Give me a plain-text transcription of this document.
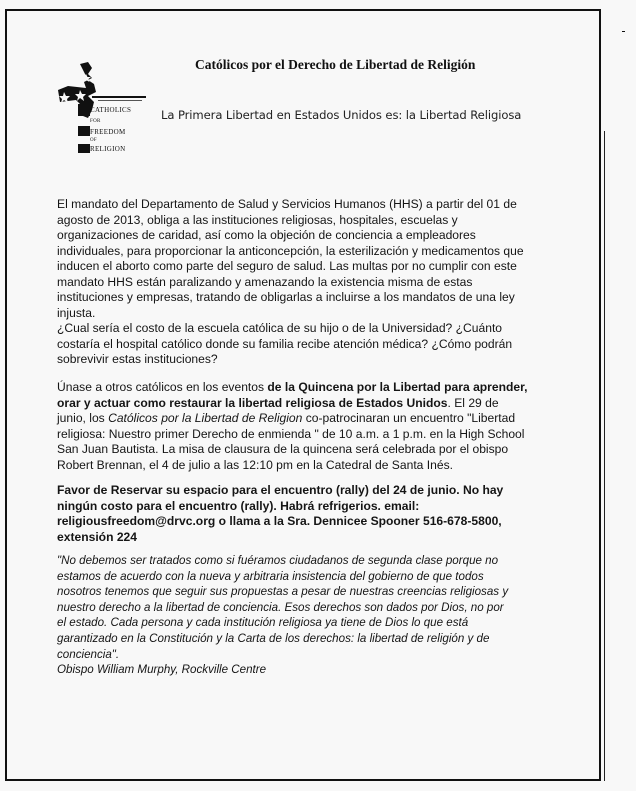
CATHOLICS
FOR
FREEDOM
OF
RELIGION
Católicos por el Derecho de Libertad de Religión
La Primera Libertad en Estados Unidos es: la Libertad Religiosa
El mandato del Departamento de Salud y Servicios Humanos (HHS) a partir del 01 de
agosto de 2013, obliga a las instituciones religiosas, hospitales, escuelas y
organizaciones de caridad, así como la objeción de conciencia a empleadores
individuales, para proporcionar la anticoncepción, la esterilización y medicamentos que
inducen el aborto como parte del seguro de salud. Las multas por no cumplir con este
mandato HHS están paralizando y amenazando la existencia misma de estas
instituciones y empresas, tratando de obligarlas a incluirse a los mandatos de una ley
injusta.
¿Cual sería el costo de la escuela católica de su hijo o de la Universidad? ¿Cuánto
costaría el hospital católico donde su familia recibe atención médica? ¿Cómo podrán
sobrevivir estas instituciones?
Únase a otros católicos en los eventos de la Quincena por la Libertad para aprender,
orar y actuar como restaurar la libertad religiosa de Estados Unidos. El 29 de
junio, los Católicos por la Libertad de Religion co-patrocinaran un encuentro "Libertad
religiosa: Nuestro primer Derecho de enmienda " de 10 a.m. a 1 p.m. en la High School
San Juan Bautista. La misa de clausura de la quincena será celebrada por el obispo
Robert Brennan, el 4 de julio a las 12:10 pm en la Catedral de Santa Inés.
Favor de Reservar su espacio para el encuentro (rally) del 24 de junio. No hay
ningún costo para el encuentro (rally). Habrá refrigerios. email:
religiousfreedom@drvc.org o llama a la Sra. Dennicee Spooner 516-678-5800,
extensión 224
"No debemos ser tratados como si fuéramos ciudadanos de segunda clase porque no
estamos de acuerdo con la nueva y arbitraria insistencia del gobierno de que todos
nosotros tenemos que seguir sus propuestas a pesar de nuestras creencias religiosas y
nuestro derecho a la libertad de conciencia. Esos derechos son dados por Dios, no por
el estado. Cada persona y cada institución religiosa ya tiene de Dios lo que está
garantizado en la Constitución y la Carta de los derechos: la libertad de religión y de
conciencia".
Obispo William Murphy, Rockville Centre
